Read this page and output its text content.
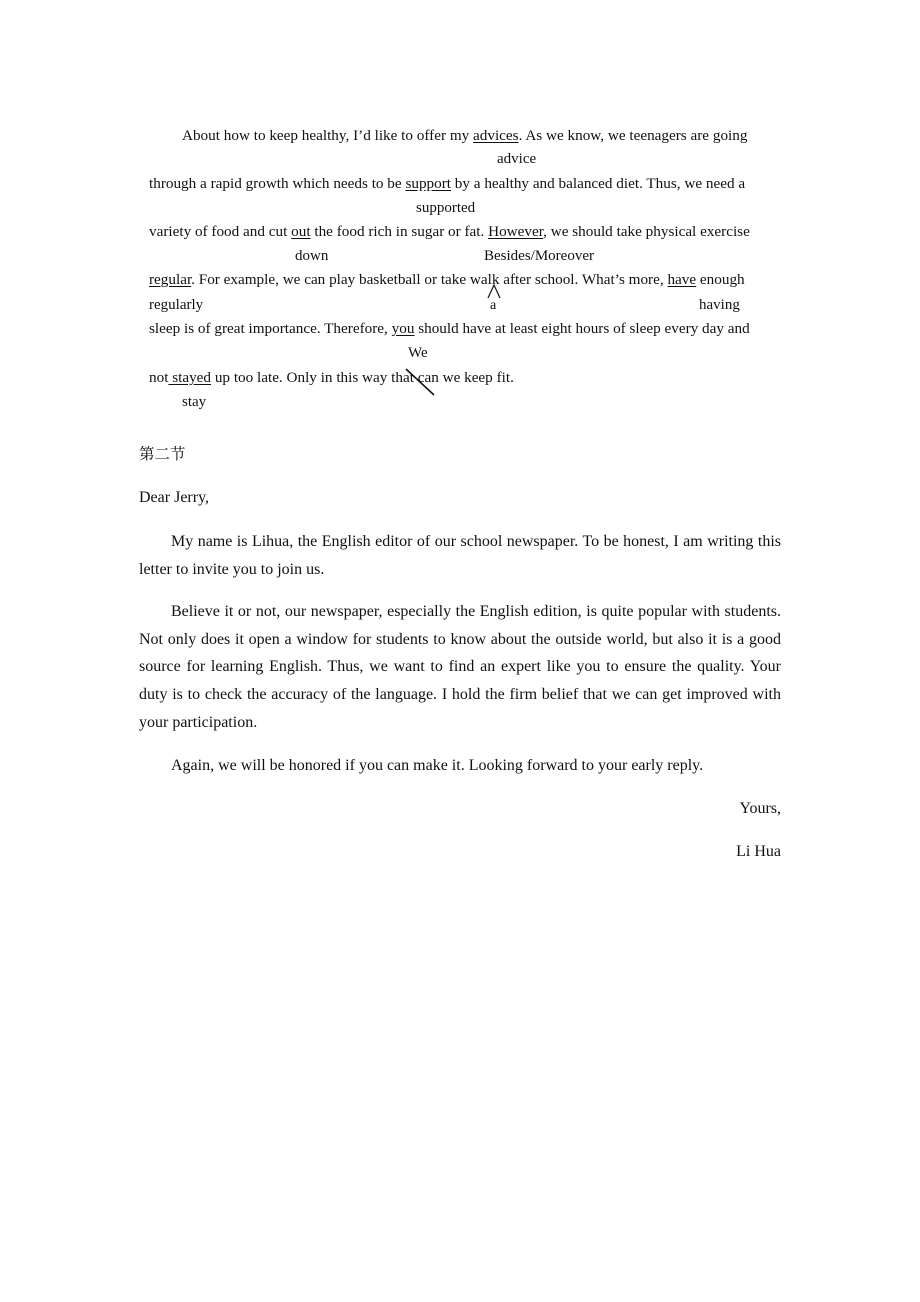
About how to keep healthy, I’d like to offer my advices. As we know, we teenagers are going
advice
through a rapid growth which needs to be support by a healthy and balanced diet. Thus, we need a
supported
variety of food and cut out the food rich in sugar or fat. However, we should take physical exercise
down	Besides/Moreover
regular. For example, we can play basketball or take walk after school. What’s more, have enough
regularly	a	having
sleep is of great importance. Therefore, you should have at least eight hours of sleep every day and
We
not stayed up too late. Only in this way that can we keep fit.
stay
第二节
Dear Jerry,
My name is Lihua, the English editor of our school newspaper. To be honest, I am writing this letter to invite you to join us.
Believe it or not, our newspaper, especially the English edition, is quite popular with students. Not only does it open a window for students to know about the outside world, but also it is a good source for learning English. Thus, we want to find an expert like you to ensure the quality. Your duty is to check the accuracy of the language. I hold the firm belief that we can get improved with your participation.
Again, we will be honored if you can make it. Looking forward to your early reply.
Yours,
Li Hua
